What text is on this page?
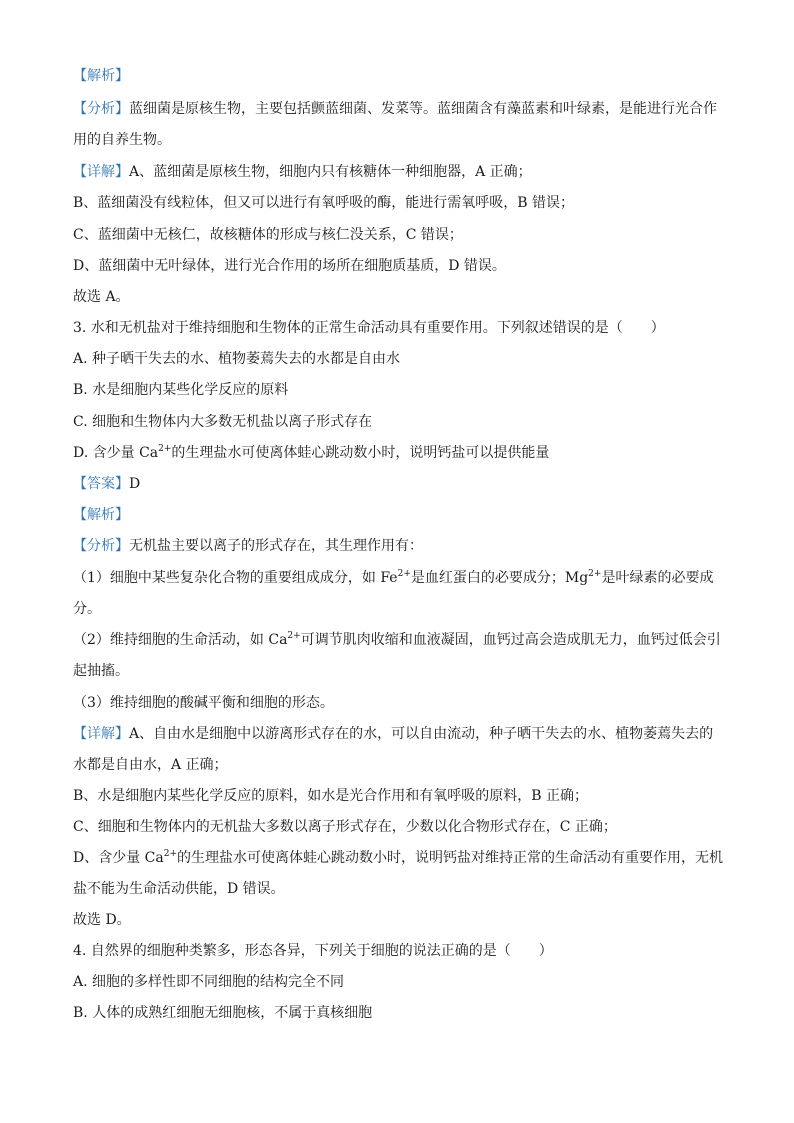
【解析】
【分析】蓝细菌是原核生物，主要包括颤蓝细菌、发菜等。蓝细菌含有藻蓝素和叶绿素，是能进行光合作
用的自养生物。
【详解】A、蓝细菌是原核生物，细胞内只有核糖体一种细胞器，A 正确；
B、蓝细菌没有线粒体，但又可以进行有氧呼吸的酶，能进行需氧呼吸，B 错误；
C、蓝细菌中无核仁，故核糖体的形成与核仁没关系，C 错误；
D、蓝细菌中无叶绿体，进行光合作用的场所在细胞质基质，D 错误。
故选 A。
3. 水和无机盐对于维持细胞和生物体的正常生命活动具有重要作用。下列叙述错误的是（　　）
A. 种子晒干失去的水、植物萎蔫失去的水都是自由水
B. 水是细胞内某些化学反应的原料
C. 细胞和生物体内大多数无机盐以离子形式存在
D. 含少量 $Ca^{2+}$的生理盐水可使离体蛙心跳动数小时，说明钙盐可以提供能量
【答案】D
【解析】
【分析】无机盐主要以离子的形式存在，其生理作用有：
（1）细胞中某些复杂化合物的重要组成成分，如 $Fe^{2+}$是血红蛋白的必要成分；$Mg^{2+}$是叶绿素的必要成
分。
（2）维持细胞的生命活动，如 $Ca^{2+}$可调节肌肉收缩和血液凝固，血钙过高会造成肌无力，血钙过低会引
起抽搐。
（3）维持细胞的酸碱平衡和细胞的形态。
【详解】A、自由水是细胞中以游离形式存在的水，可以自由流动，种子晒干失去的水、植物萎蔫失去的
水都是自由水，A 正确；
B、水是细胞内某些化学反应的原料，如水是光合作用和有氧呼吸的原料，B 正确；
C、细胞和生物体内的无机盐大多数以离子形式存在，少数以化合物形式存在，C 正确；
D、含少量 $Ca^{2+}$的生理盐水可使离体蛙心跳动数小时，说明钙盐对维持正常的生命活动有重要作用，无机
盐不能为生命活动供能，D 错误。
故选 D。
4. 自然界的细胞种类繁多，形态各异，下列关于细胞的说法正确的是（　　）
A. 细胞的多样性即不同细胞的结构完全不同
B. 人体的成熟红细胞无细胞核，不属于真核细胞
